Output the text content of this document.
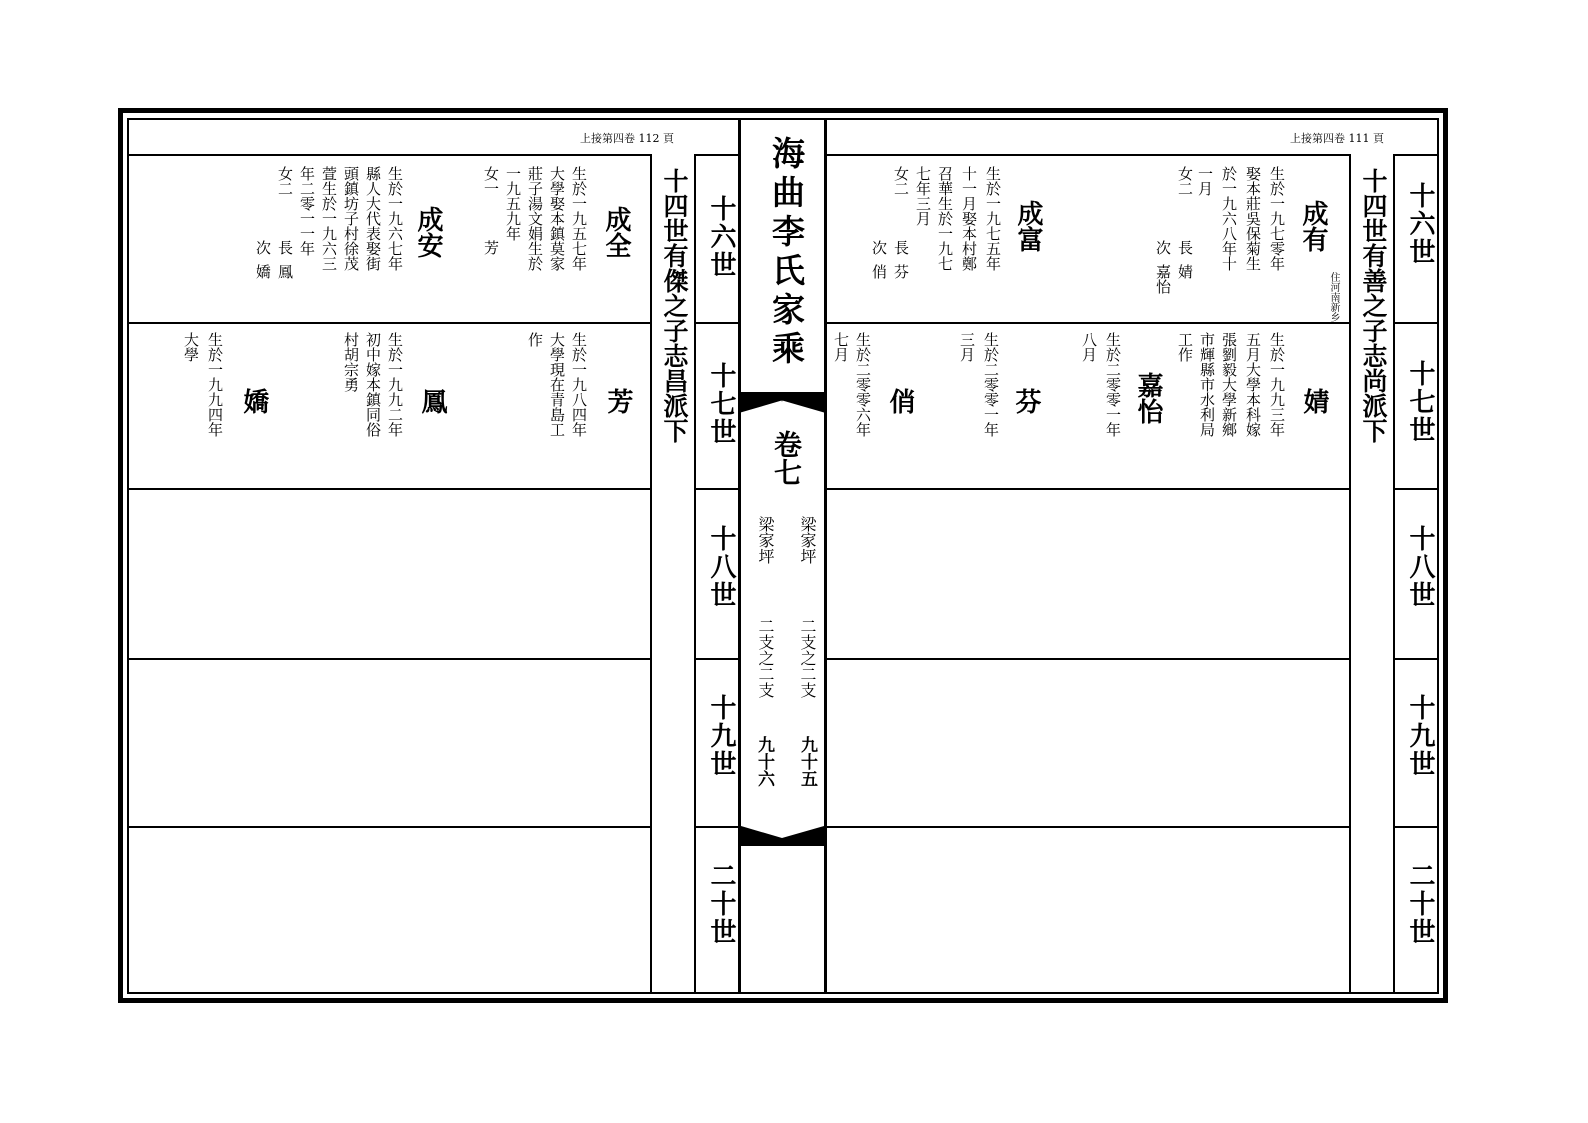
上接第四卷 112 頁	上接第四卷 111 頁
海曲李氏家乘
卷七
梁家坪
梁家坪
二支之二支
二支之二支
九十五
九十六
十四世有傑之子志昌派下	十四世有善之子志尚派下
十六世
十七世
十八世
十九世
二十世
十六世
十七世
十八世
十九世
二十世
成有
住河南新乡
生於一九七零年
娶本莊吳保菊生
於一九六八年十
一月
女二
長
婧
次
嘉怡
成富
生於一九七五年
十一月娶本村鄭
召華生於一九七
七年三月
女二
長
芬
次
俏
婧
生於一九九三年
五月大學本科嫁
張劉毅大學新鄉
市輝縣市水利局
工作
嘉怡
生於二零零一年
八月
芬
生於二零零一年
三月
俏
生於二零零六年
七月
成全
生於一九五七年
大學娶本鎮莫家
莊子湯文娟生於
一九五九年
女一
芳
成安
生於一九六七年
縣人大代表娶街
頭鎮坊子村徐茂
萱生於一九六三
年二零一一年
女二
長
鳳
次
嬌
芳
生於一九八四年
大學現在青島工
作
鳳
生於一九九二年
初中嫁本鎮同俗
村胡宗勇
嬌
生於一九九四年
大學
